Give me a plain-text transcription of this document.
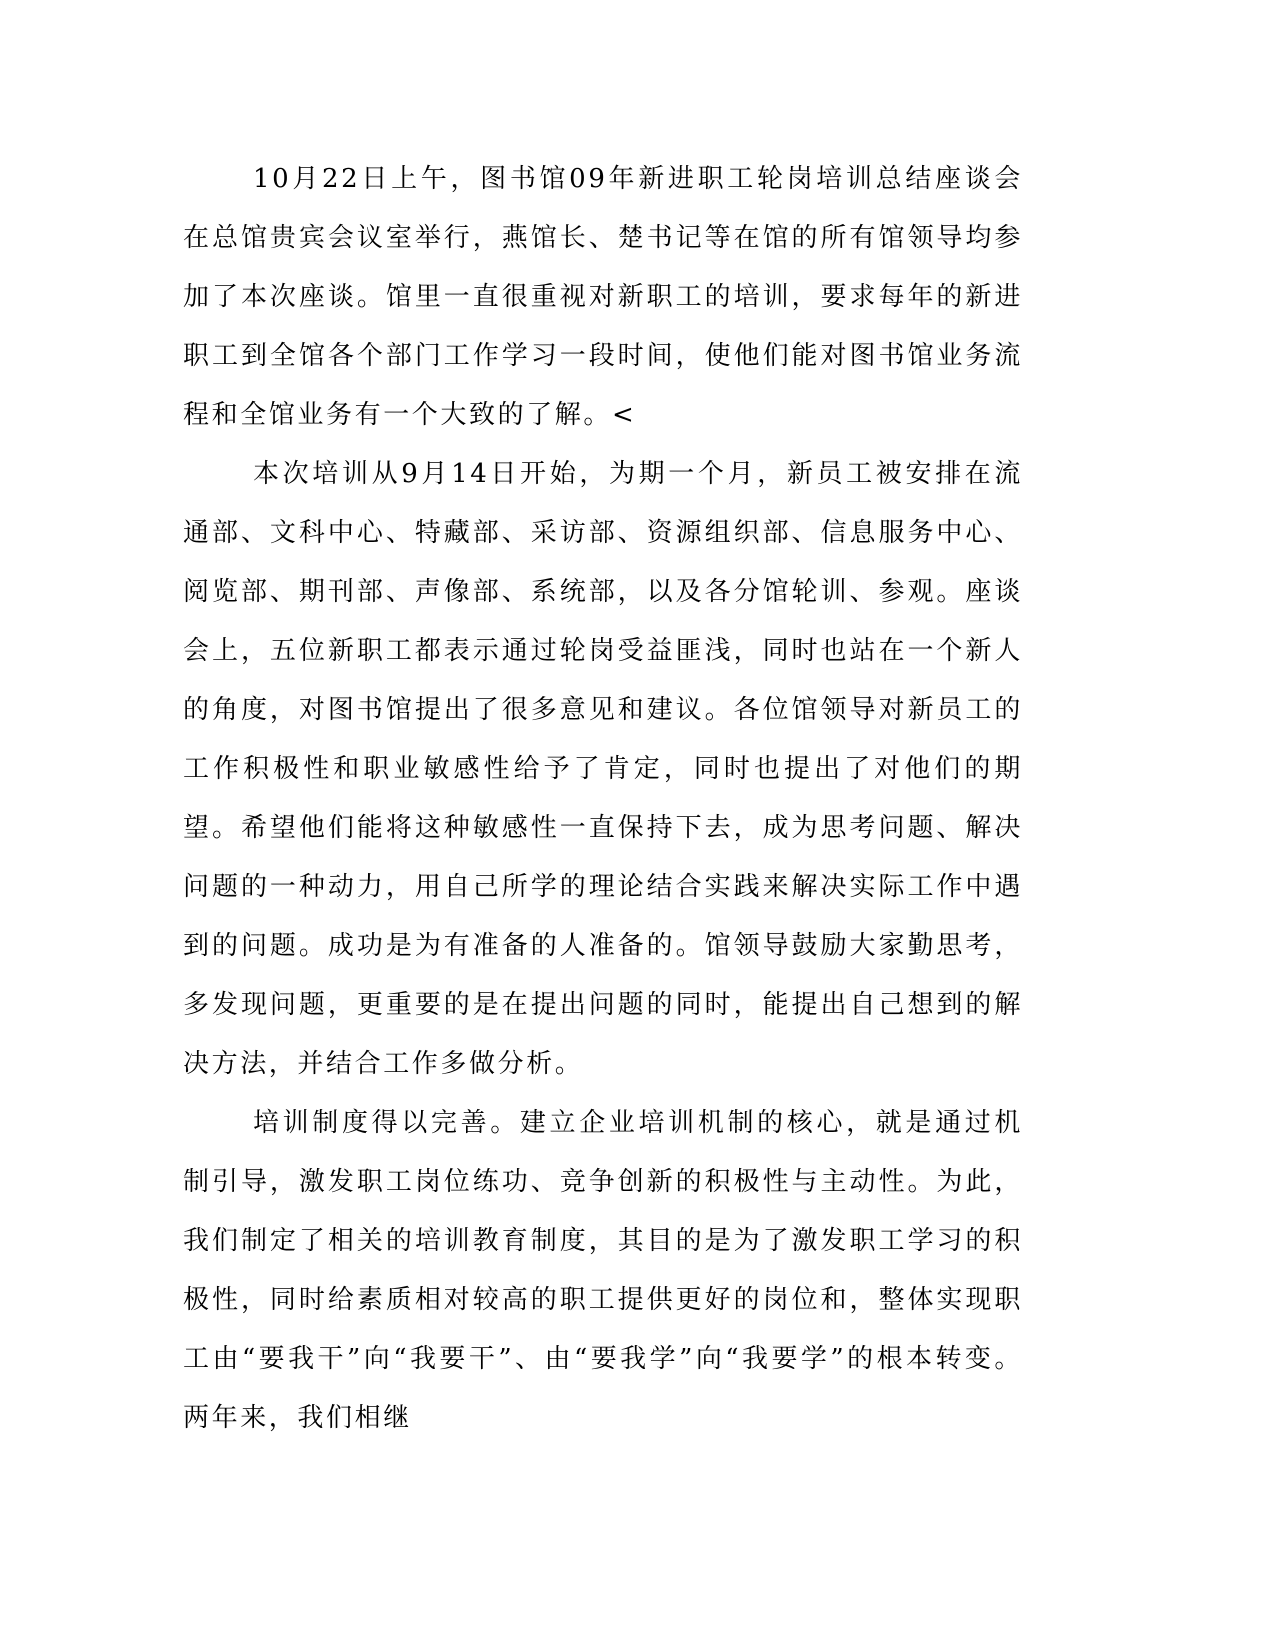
10月22日上午，图书馆09年新进职工轮岗培训总结座谈会在总馆贵宾会议室举行，燕馆长、楚书记等在馆的所有馆领导均参加了本次座谈。馆里一直很重视对新职工的培训，要求每年的新进职工到全馆各个部门工作学习一段时间，使他们能对图书馆业务流程和全馆业务有一个大致的了解。<

本次培训从9月14日开始，为期一个月，新员工被安排在流通部、文科中心、特藏部、采访部、资源组织部、信息服务中心、阅览部、期刊部、声像部、系统部，以及各分馆轮训、参观。座谈会上，五位新职工都表示通过轮岗受益匪浅，同时也站在一个新人的角度，对图书馆提出了很多意见和建议。各位馆领导对新员工的工作积极性和职业敏感性给予了肯定，同时也提出了对他们的期望。希望他们能将这种敏感性一直保持下去，成为思考问题、解决问题的一种动力，用自己所学的理论结合实践来解决实际工作中遇到的问题。成功是为有准备的人准备的。馆领导鼓励大家勤思考，多发现问题，更重要的是在提出问题的同时，能提出自己想到的解决方法，并结合工作多做分析。

培训制度得以完善。建立企业培训机制的核心，就是通过机制引导，激发职工岗位练功、竞争创新的积极性与主动性。为此，我们制定了相关的培训教育制度，其目的是为了激发职工学习的积极性，同时给素质相对较高的职工提供更好的岗位和，整体实现职工由“要我干”向“我要干”、由“要我学”向“我要学”的根本转变。两年来，我们相继
